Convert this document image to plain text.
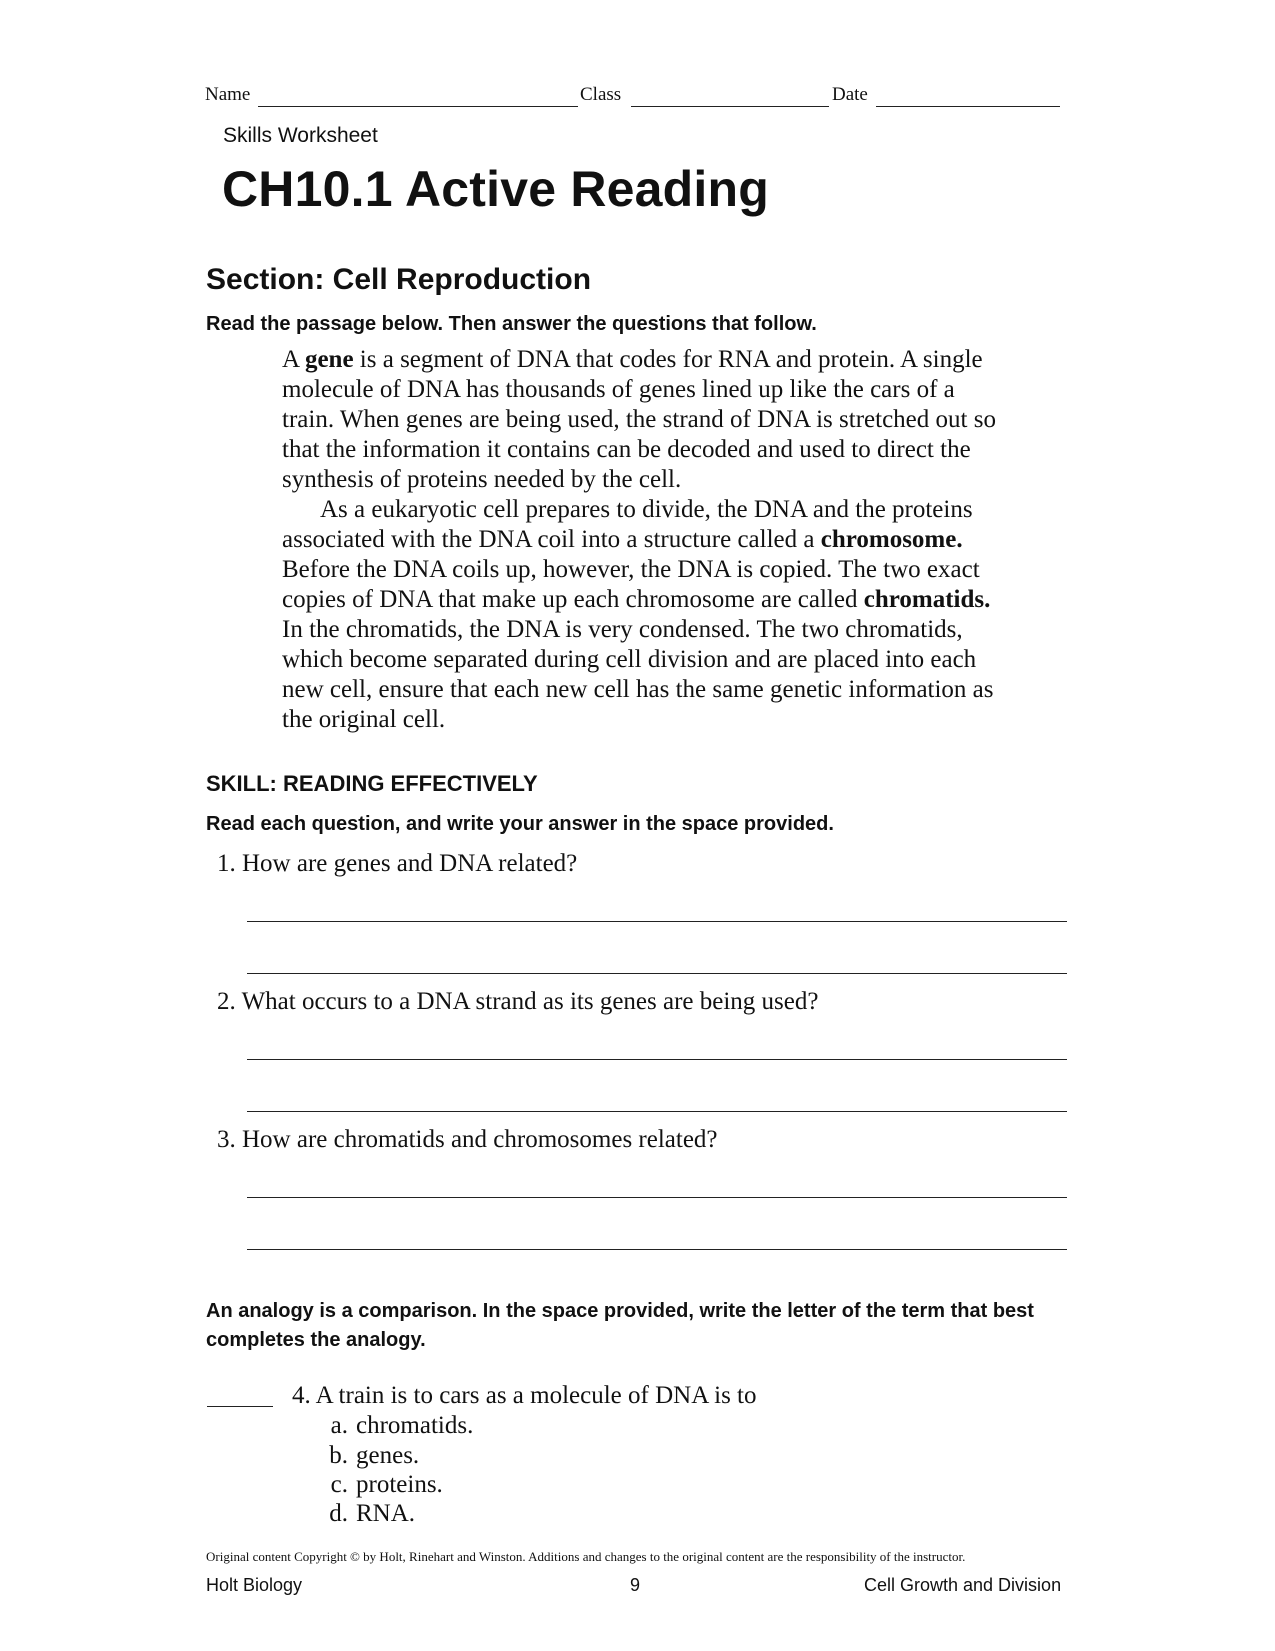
Name	Class	Date
Skills Worksheet
CH10.1 Active Reading
Section: Cell Reproduction
Read the passage below. Then answer the questions that follow.

A gene is a segment of DNA that codes for RNA and protein. A single molecule of DNA has thousands of genes lined up like the cars of a train. When genes are being used, the strand of DNA is stretched out so that the information it contains can be decoded and used to direct the synthesis of proteins needed by the cell.

As a eukaryotic cell prepares to divide, the DNA and the proteins associated with the DNA coil into a structure called a chromosome. Before the DNA coils up, however, the DNA is copied. The two exact copies of DNA that make up each chromosome are called chromatids. In the chromatids, the DNA is very condensed. The two chromatids, which become separated during cell division and are placed into each new cell, ensure that each new cell has the same genetic information as the original cell.

SKILL: READING EFFECTIVELY
Read each question, and write your answer in the space provided.
1. How are genes and DNA related?
2. What occurs to a DNA strand as its genes are being used?
3. How are chromatids and chromosomes related?
An analogy is a comparison. In the space provided, write the letter of the term that best completes the analogy.
4. A train is to cars as a molecule of DNA is to
a. chromatids.
b. genes.
c. proteins.
d. RNA.
Original content Copyright © by Holt, Rinehart and Winston. Additions and changes to the original content are the responsibility of the instructor.
Holt Biology	9	Cell Growth and Division
